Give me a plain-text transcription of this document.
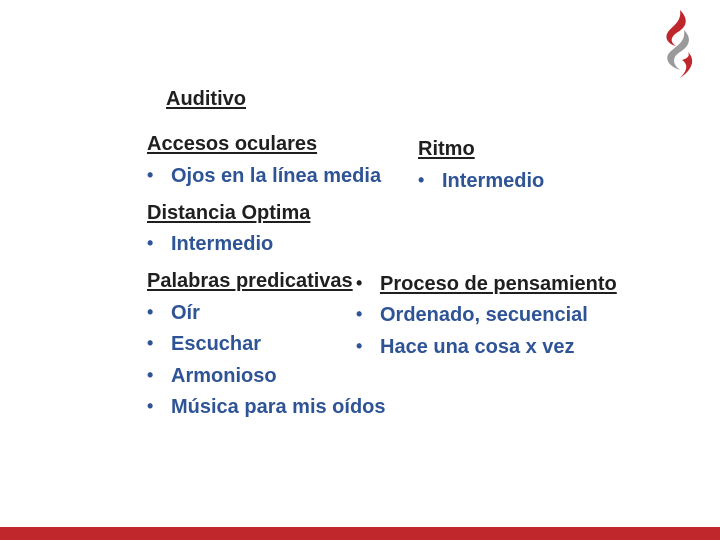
Auditivo
Accesos oculares
• Ojos en la línea media
Distancia Optima
• Intermedio
Palabras predicativas
• Oír
• Escuchar
• Armonioso
• Música para mis oídos
Ritmo
• Intermedio
• Proceso de pensamiento
• Ordenado, secuencial
• Hace una cosa x vez
